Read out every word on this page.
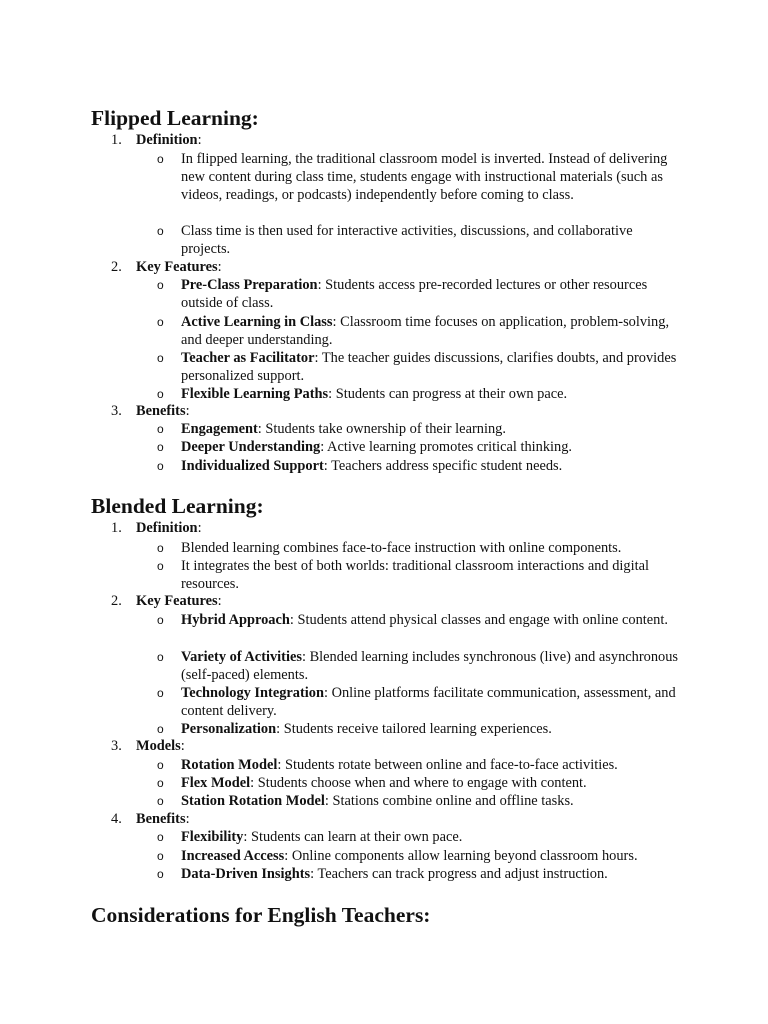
Flipped Learning:
1. Definition:
o In flipped learning, the traditional classroom model is inverted. Instead of delivering new content during class time, students engage with instructional materials (such as videos, readings, or podcasts) independently before coming to class.
o Class time is then used for interactive activities, discussions, and collaborative projects.
2. Key Features:
o Pre-Class Preparation: Students access pre-recorded lectures or other resources outside of class.
o Active Learning in Class: Classroom time focuses on application, problem-solving, and deeper understanding.
o Teacher as Facilitator: The teacher guides discussions, clarifies doubts, and provides personalized support.
o Flexible Learning Paths: Students can progress at their own pace.
3. Benefits:
o Engagement: Students take ownership of their learning.
o Deeper Understanding: Active learning promotes critical thinking.
o Individualized Support: Teachers address specific student needs.
Blended Learning:
1. Definition:
o Blended learning combines face-to-face instruction with online components.
o It integrates the best of both worlds: traditional classroom interactions and digital resources.
2. Key Features:
o Hybrid Approach: Students attend physical classes and engage with online content.
o Variety of Activities: Blended learning includes synchronous (live) and asynchronous (self-paced) elements.
o Technology Integration: Online platforms facilitate communication, assessment, and content delivery.
o Personalization: Students receive tailored learning experiences.
3. Models:
o Rotation Model: Students rotate between online and face-to-face activities.
o Flex Model: Students choose when and where to engage with content.
o Station Rotation Model: Stations combine online and offline tasks.
4. Benefits:
o Flexibility: Students can learn at their own pace.
o Increased Access: Online components allow learning beyond classroom hours.
o Data-Driven Insights: Teachers can track progress and adjust instruction.
Considerations for English Teachers:
